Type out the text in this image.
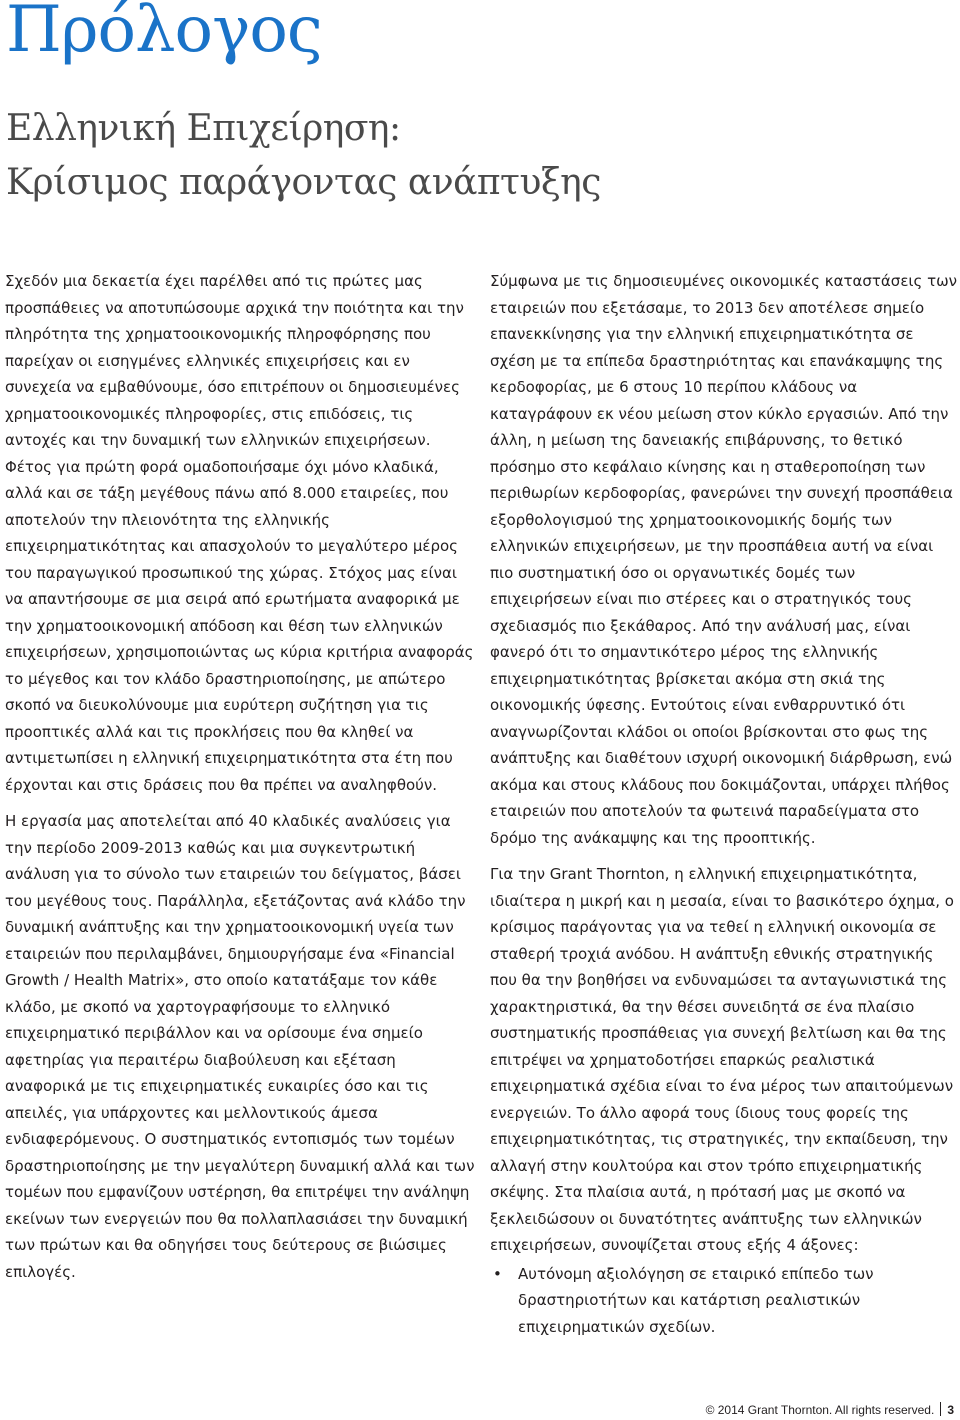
Πρόλογος
Ελληνική Επιχείρηση:
Κρίσιμος παράγοντας ανάπτυξης

Σχεδόν μια δεκαετία έχει παρέλθει από τις πρώτες μας προσπάθειες να αποτυπώσουμε αρχικά την ποιότητα και την πληρότητα της χρηματοοικονομικής πληροφόρησης που παρείχαν οι εισηγμένες ελληνικές επιχειρήσεις και εν συνεχεία να εμβαθύνουμε, όσο επιτρέπουν οι δημοσιευμένες χρηματοοικονομικές πληροφορίες, στις επιδόσεις, τις αντοχές και την δυναμική των ελληνικών επιχειρήσεων. Φέτος για πρώτη φορά ομαδοποιήσαμε όχι μόνο κλαδικά, αλλά και σε τάξη μεγέθους πάνω από 8.000 εταιρείες, που αποτελούν την πλειονότητα της ελληνικής επιχειρηματικότητας και απασχολούν το μεγαλύτερο μέρος του παραγωγικού προσωπικού της χώρας. Στόχος μας είναι να απαντήσουμε σε μια σειρά από ερωτήματα αναφορικά με την χρηματοοικονομική απόδοση και θέση των ελληνικών επιχειρήσεων, χρησιμοποιώντας ως κύρια κριτήρια αναφοράς το μέγεθος και τον κλάδο δραστηριοποίησης, με απώτερο σκοπό να διευκολύνουμε μια ευρύτερη συζήτηση για τις προοπτικές αλλά και τις προκλήσεις που θα κληθεί να αντιμετωπίσει η ελληνική επιχειρηματικότητα στα έτη που έρχονται και στις δράσεις που θα πρέπει να αναληφθούν.

Η εργασία μας αποτελείται από 40 κλαδικές αναλύσεις για την περίοδο 2009-2013 καθώς και μια συγκεντρωτική ανάλυση για το σύνολο των εταιρειών του δείγματος, βάσει του μεγέθους τους. Παράλληλα, εξετάζοντας ανά κλάδο την δυναμική ανάπτυξης και την χρηματοοικονομική υγεία των εταιρειών που περιλαμβάνει, δημιουργήσαμε ένα «Financial Growth / Health Matrix», στο οποίο κατατάξαμε τον κάθε κλάδο, με σκοπό να χαρτογραφήσουμε το ελληνικό επιχειρηματικό περιβάλλον και να ορίσουμε ένα σημείο αφετηρίας για περαιτέρω διαβούλευση και εξέταση αναφορικά με τις επιχειρηματικές ευκαιρίες όσο και τις απειλές, για υπάρχοντες και μελλοντικούς άμεσα ενδιαφερόμενους. Ο συστηματικός εντοπισμός των τομέων δραστηριοποίησης με την μεγαλύτερη δυναμική αλλά και των τομέων που εμφανίζουν υστέρηση, θα επιτρέψει την ανάληψη εκείνων των ενεργειών που θα πολλαπλασιάσει την δυναμική των πρώτων και θα οδηγήσει τους δεύτερους σε βιώσιμες επιλογές.

Σύμφωνα με τις δημοσιευμένες οικονομικές καταστάσεις των εταιρειών που εξετάσαμε, το 2013 δεν αποτέλεσε σημείο επανεκκίνησης για την ελληνική επιχειρηματικότητα σε σχέση με τα επίπεδα δραστηριότητας και επανάκαμψης της κερδοφορίας, με 6 στους 10 περίπου κλάδους να καταγράφουν εκ νέου μείωση στον κύκλο εργασιών. Από την άλλη, η μείωση της δανειακής επιβάρυνσης, το θετικό πρόσημο στο κεφάλαιο κίνησης και η σταθεροποίηση των περιθωρίων κερδοφορίας, φανερώνει την συνεχή προσπάθεια εξορθολογισμού της χρηματοοικονομικής δομής των ελληνικών επιχειρήσεων, με την προσπάθεια αυτή να είναι πιο συστηματική όσο οι οργανωτικές δομές των επιχειρήσεων είναι πιο στέρεες και ο στρατηγικός τους σχεδιασμός πιο ξεκάθαρος. Από την ανάλυσή μας, είναι φανερό ότι το σημαντικότερο μέρος της ελληνικής επιχειρηματικότητας βρίσκεται ακόμα στη σκιά της οικονομικής ύφεσης. Εντούτοις είναι ενθαρρυντικό ότι αναγνωρίζονται κλάδοι οι οποίοι βρίσκονται στο φως της ανάπτυξης και διαθέτουν ισχυρή οικονομική διάρθρωση, ενώ ακόμα και στους κλάδους που δοκιμάζονται, υπάρχει πλήθος εταιρειών που αποτελούν τα φωτεινά παραδείγματα στο δρόμο της ανάκαμψης και της προοπτικής.

Για την Grant Thornton, η ελληνική επιχειρηματικότητα, ιδιαίτερα η μικρή και η μεσαία, είναι το βασικότερο όχημα, ο κρίσιμος παράγοντας για να τεθεί η ελληνική οικονομία σε σταθερή τροχιά ανόδου. Η ανάπτυξη εθνικής στρατηγικής που θα την βοηθήσει να ενδυναμώσει τα ανταγωνιστικά της χαρακτηριστικά, θα την θέσει συνειδητά σε ένα πλαίσιο συστηματικής προσπάθειας για συνεχή βελτίωση και θα της επιτρέψει να χρηματοδοτήσει επαρκώς ρεαλιστικά επιχειρηματικά σχέδια είναι το ένα μέρος των απαιτούμενων ενεργειών. Το άλλο αφορά τους ίδιους τους φορείς της επιχειρηματικότητας, τις στρατηγικές, την εκπαίδευση, την αλλαγή στην κουλτούρα και στον τρόπο επιχειρηματικής σκέψης. Στα πλαίσια αυτά, η πρότασή μας με σκοπό να ξεκλειδώσουν οι δυνατότητες ανάπτυξης των ελληνικών επιχειρήσεων, συνοψίζεται στους εξής 4 άξονες:

• Αυτόνομη αξιολόγηση σε εταιρικό επίπεδο των δραστηριοτήτων και κατάρτιση ρεαλιστικών επιχειρηματικών σχεδίων.
© 2014 Grant Thornton. All rights reserved. 3
